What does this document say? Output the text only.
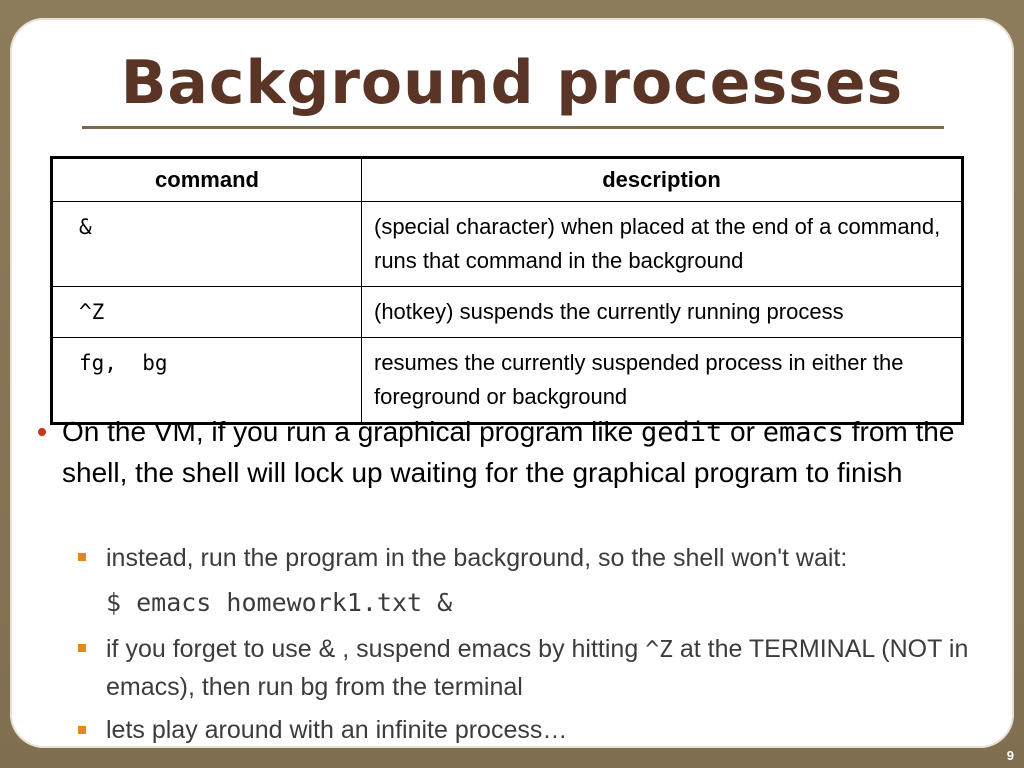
Background processes
command	description
&	(special character) when placed at the end of a command, runs that command in the background
^Z	(hotkey) suspends the currently running process
fg,  bg	resumes the currently suspended process in either the foreground or background
On the VM, if you run a graphical program like gedit or emacs from the shell, the shell will lock up waiting for the graphical program to finish
instead, run the program in the background, so the shell won't wait:
$ emacs homework1.txt &
if you forget to use & , suspend emacs by hitting ^Z at the TERMINAL (NOT in emacs), then run bg from the terminal
lets play around with an infinite process…
9
